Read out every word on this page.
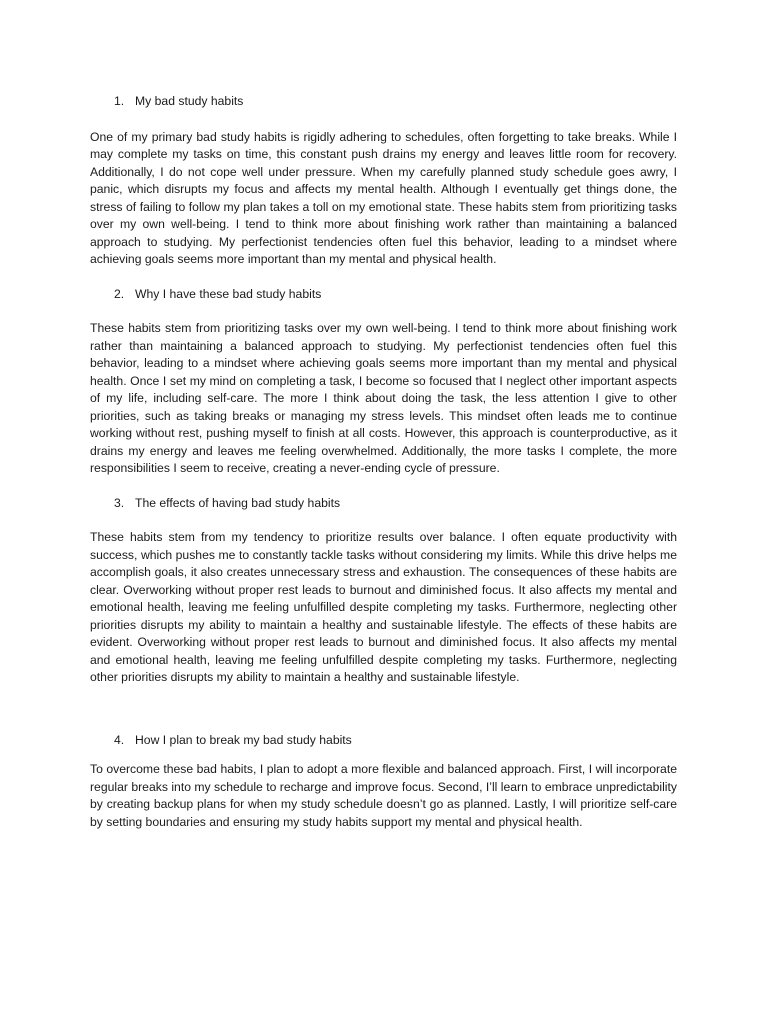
1. My bad study habits

One of my primary bad study habits is rigidly adhering to schedules, often forgetting to take breaks. While I may complete my tasks on time, this constant push drains my energy and leaves little room for recovery. Additionally, I do not cope well under pressure. When my carefully planned study schedule goes awry, I panic, which disrupts my focus and affects my mental health. Although I eventually get things done, the stress of failing to follow my plan takes a toll on my emotional state. These habits stem from prioritizing tasks over my own well-being. I tend to think more about finishing work rather than maintaining a balanced approach to studying. My perfectionist tendencies often fuel this behavior, leading to a mindset where achieving goals seems more important than my mental and physical health.

2. Why I have these bad study habits

These habits stem from prioritizing tasks over my own well-being. I tend to think more about finishing work rather than maintaining a balanced approach to studying. My perfectionist tendencies often fuel this behavior, leading to a mindset where achieving goals seems more important than my mental and physical health. Once I set my mind on completing a task, I become so focused that I neglect other important aspects of my life, including self-care. The more I think about doing the task, the less attention I give to other priorities, such as taking breaks or managing my stress levels. This mindset often leads me to continue working without rest, pushing myself to finish at all costs. However, this approach is counterproductive, as it drains my energy and leaves me feeling overwhelmed. Additionally, the more tasks I complete, the more responsibilities I seem to receive, creating a never-ending cycle of pressure.

3. The effects of having bad study habits

These habits stem from my tendency to prioritize results over balance. I often equate productivity with success, which pushes me to constantly tackle tasks without considering my limits. While this drive helps me accomplish goals, it also creates unnecessary stress and exhaustion. The consequences of these habits are clear. Overworking without proper rest leads to burnout and diminished focus. It also affects my mental and emotional health, leaving me feeling unfulfilled despite completing my tasks. Furthermore, neglecting other priorities disrupts my ability to maintain a healthy and sustainable lifestyle. The effects of these habits are evident. Overworking without proper rest leads to burnout and diminished focus. It also affects my mental and emotional health, leaving me feeling unfulfilled despite completing my tasks. Furthermore, neglecting other priorities disrupts my ability to maintain a healthy and sustainable lifestyle.

4. How I plan to break my bad study habits

To overcome these bad habits, I plan to adopt a more flexible and balanced approach. First, I will incorporate regular breaks into my schedule to recharge and improve focus. Second, I’ll learn to embrace unpredictability by creating backup plans for when my study schedule doesn’t go as planned. Lastly, I will prioritize self-care by setting boundaries and ensuring my study habits support my mental and physical health.
